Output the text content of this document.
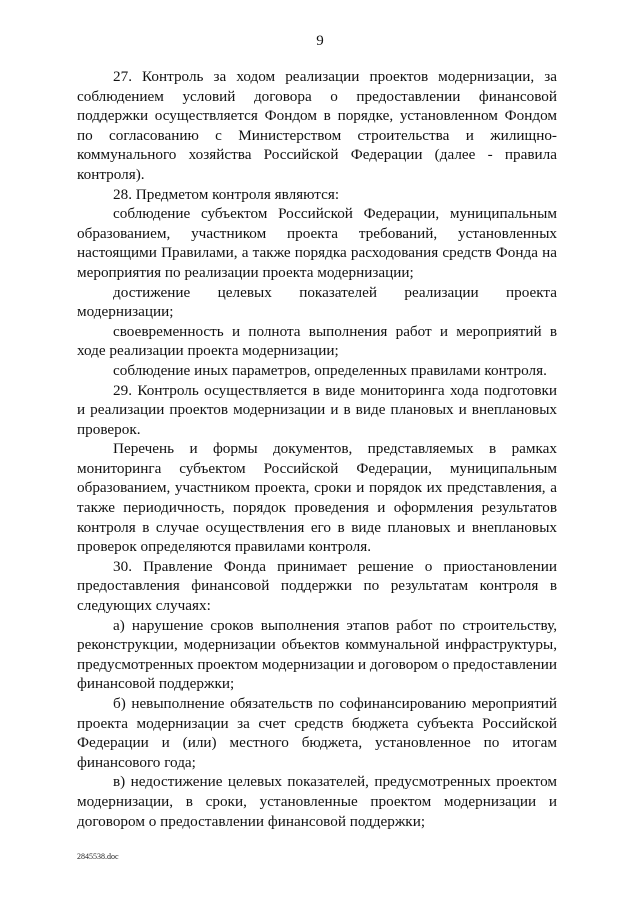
9

27. Контроль за ходом реализации проектов модернизации, за соблюдением условий договора о предоставлении финансовой поддержки осуществляется Фондом в порядке, установленном Фондом по согласованию с Министерством строительства и жилищно-коммунального хозяйства Российской Федерации (далее - правила контроля).

28. Предметом контроля являются:

соблюдение субъектом Российской Федерации, муниципальным образованием, участником проекта требований, установленных настоящими Правилами, а также порядка расходования средств Фонда на мероприятия по реализации проекта модернизации;

достижение целевых показателей реализации проекта модернизации;

своевременность и полнота выполнения работ и мероприятий в ходе реализации проекта модернизации;

соблюдение иных параметров, определенных правилами контроля.

29. Контроль осуществляется в виде мониторинга хода подготовки и реализации проектов модернизации и в виде плановых и внеплановых проверок.

Перечень и формы документов, представляемых в рамках мониторинга субъектом Российской Федерации, муниципальным образованием, участником проекта, сроки и порядок их представления, а также периодичность, порядок проведения и оформления результатов контроля в случае осуществления его в виде плановых и внеплановых проверок определяются правилами контроля.

30. Правление Фонда принимает решение о приостановлении предоставления финансовой поддержки по результатам контроля в следующих случаях:

а) нарушение сроков выполнения этапов работ по строительству, реконструкции, модернизации объектов коммунальной инфраструктуры, предусмотренных проектом модернизации и договором о предоставлении финансовой поддержки;

б) невыполнение обязательств по софинансированию мероприятий проекта модернизации за счет средств бюджета субъекта Российской Федерации и (или) местного бюджета, установленное по итогам финансового года;

в) недостижение целевых показателей, предусмотренных проектом модернизации, в сроки, установленные проектом модернизации и договором о предоставлении финансовой поддержки;

2845538.doc
